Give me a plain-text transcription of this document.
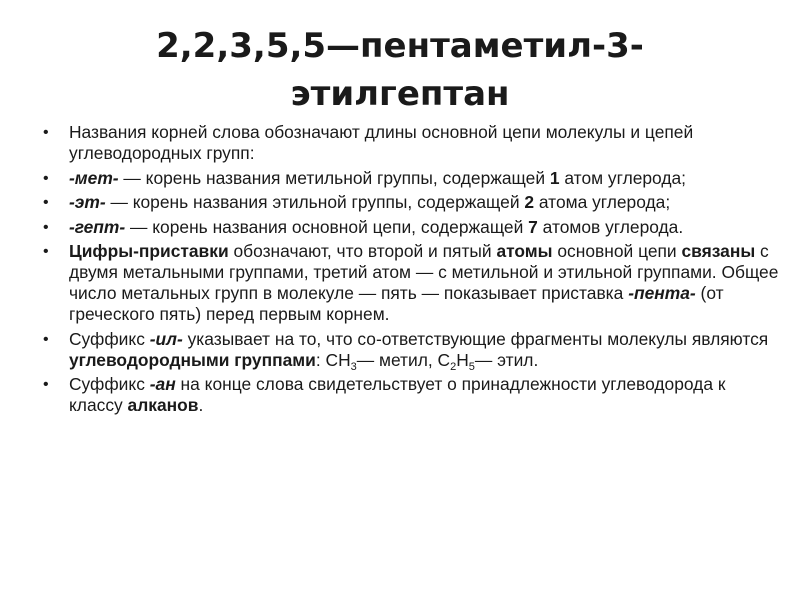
2,2,3,5,5—пентаметил-3-
этилгептан
• Названия корней слова обозначают длины основной цепи молекулы и цепей углеводородных групп:
• -мет- — корень названия метильной группы, содержащей 1 атом углерода;
• -эт- — корень названия этильной группы, содержащей 2 атома углерода;
• -гепт- — корень названия основной цепи, содержащей 7 атомов углерода.
• Цифры-приставки обозначают, что второй и пятый атомы основной цепи связаны с двумя метальными группами, третий атом — с метильной и этильной группами. Общее число метальных групп в молекуле — пять — показывает приставка -пента- (от греческого пять) перед первым корнем.
• Суффикс -ил- указывает на то, что со-ответствующие фрагменты молекулы являются углеводородными группами: $CH_3—$ метил, $C_2H_5—$ этил.
• Суффикс -ан на конце слова свидетельствует о принадлежности углеводорода к классу алканов.
